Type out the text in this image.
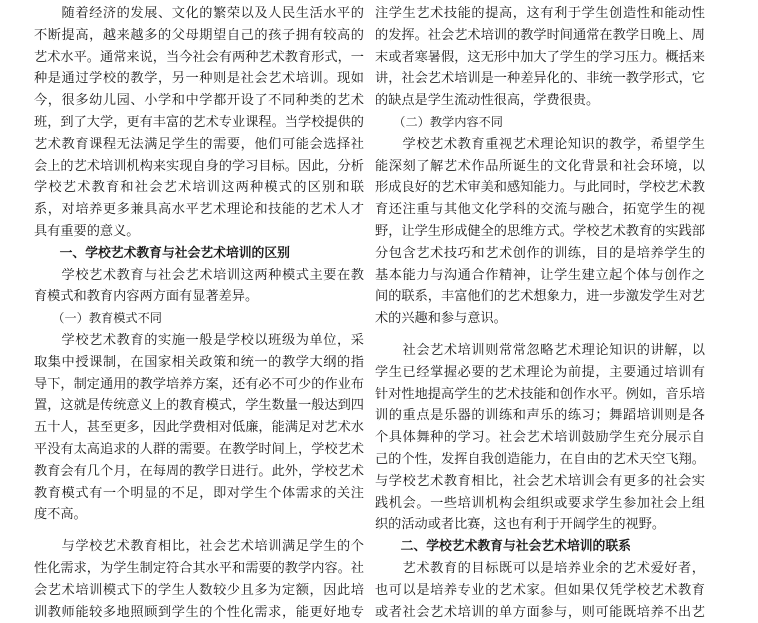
　　随着经济的发展、文化的繁荣以及人民生活水平的
不断提高，越来越多的父母期望自己的孩子拥有较高的
艺术水平。通常来说，当今社会有两种艺术教育形式，一
种是通过学校的教学，另一种则是社会艺术培训。现如
今，很多幼儿园、小学和中学都开设了不同种类的艺术
班，到了大学，更有丰富的艺术专业课程。当学校提供的
艺术教育课程无法满足学生的需要，他们可能会选择社
会上的艺术培训机构来实现自身的学习目标。因此，分析
学校艺术教育和社会艺术培训这两种模式的区别和联
系，对培养更多兼具高水平艺术理论和技能的艺术人才
具有重要的意义。
　　一、学校艺术教育与社会艺术培训的区别
　　学校艺术教育与社会艺术培训这两种模式主要在教
育模式和教育内容两方面有显著差异。
　　（一）教育模式不同
　　学校艺术教育的实施一般是学校以班级为单位，采
取集中授课制，在国家相关政策和统一的教学大纲的指
导下，制定通用的教学培养方案，还有必不可少的作业布
置，这就是传统意义上的教育模式，学生数量一般达到四
五十人，甚至更多，因此学费相对低廉，能满足对艺术水
平没有太高追求的人群的需要。在教学时间上，学校艺术
教育会有几个月，在每周的教学日进行。此外，学校艺术
教育模式有一个明显的不足，即对学生个体需求的关注
度不高。
　　与学校艺术教育相比，社会艺术培训满足学生的个
性化需求，为学生制定符合其水平和需要的教学内容。社
会艺术培训模式下的学生人数较少且多为定额，因此培
训教师能较多地照顾到学生的个性化需求，能更好地专
注学生艺术技能的提高，这有利于学生创造性和能动性
的发挥。社会艺术培训的教学时间通常在教学日晚上、周
末或者寒暑假，这无形中加大了学生的学习压力。概括来
讲，社会艺术培训是一种差异化的、非统一教学形式，它
的缺点是学生流动性很高，学费很贵。
　　（二）教学内容不同
　　学校艺术教育重视艺术理论知识的教学，希望学生
能深刻了解艺术作品所诞生的文化背景和社会环境，以
形成良好的艺术审美和感知能力。与此同时，学校艺术教
育还注重与其他文化学科的交流与融合，拓宽学生的视
野，让学生形成健全的思维方式。学校艺术教育的实践部
分包含艺术技巧和艺术创作的训练，目的是培养学生的
基本能力与沟通合作精神，让学生建立起个体与创作之
间的联系，丰富他们的艺术想象力，进一步激发学生对艺
术的兴趣和参与意识。
　　社会艺术培训则常常忽略艺术理论知识的讲解，以
学生已经掌握必要的艺术理论为前提，主要通过培训有
针对性地提高学生的艺术技能和创作水平。例如，音乐培
训的重点是乐器的训练和声乐的练习；舞蹈培训则是各
个具体舞种的学习。社会艺术培训鼓励学生充分展示自
己的个性，发挥自我创造能力，在自由的艺术天空飞翔。
与学校艺术教育相比，社会艺术培训会有更多的社会实
践机会。一些培训机构会组织或要求学生参加社会上组
织的活动或者比赛，这也有利于开阔学生的视野。
　　二、学校艺术教育与社会艺术培训的联系
　　艺术教育的目标既可以是培养业余的艺术爱好者，
也可以是培养专业的艺术家。但如果仅凭学校艺术教育
或者社会艺术培训的单方面参与，则可能既培养不出艺
